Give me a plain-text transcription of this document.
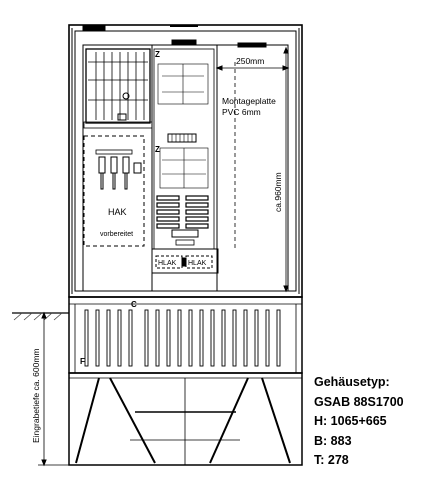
Z
Z
C
F
250mm
Montageplatte
PVC 6mm
ca.960mm
HAK
vorbereitet
HLAK HLAK
Eingrabetiefe ca. 600mm	Gehäusetyp:
GSAB 88S1700
H: 1065+665
B: 883
T: 278
